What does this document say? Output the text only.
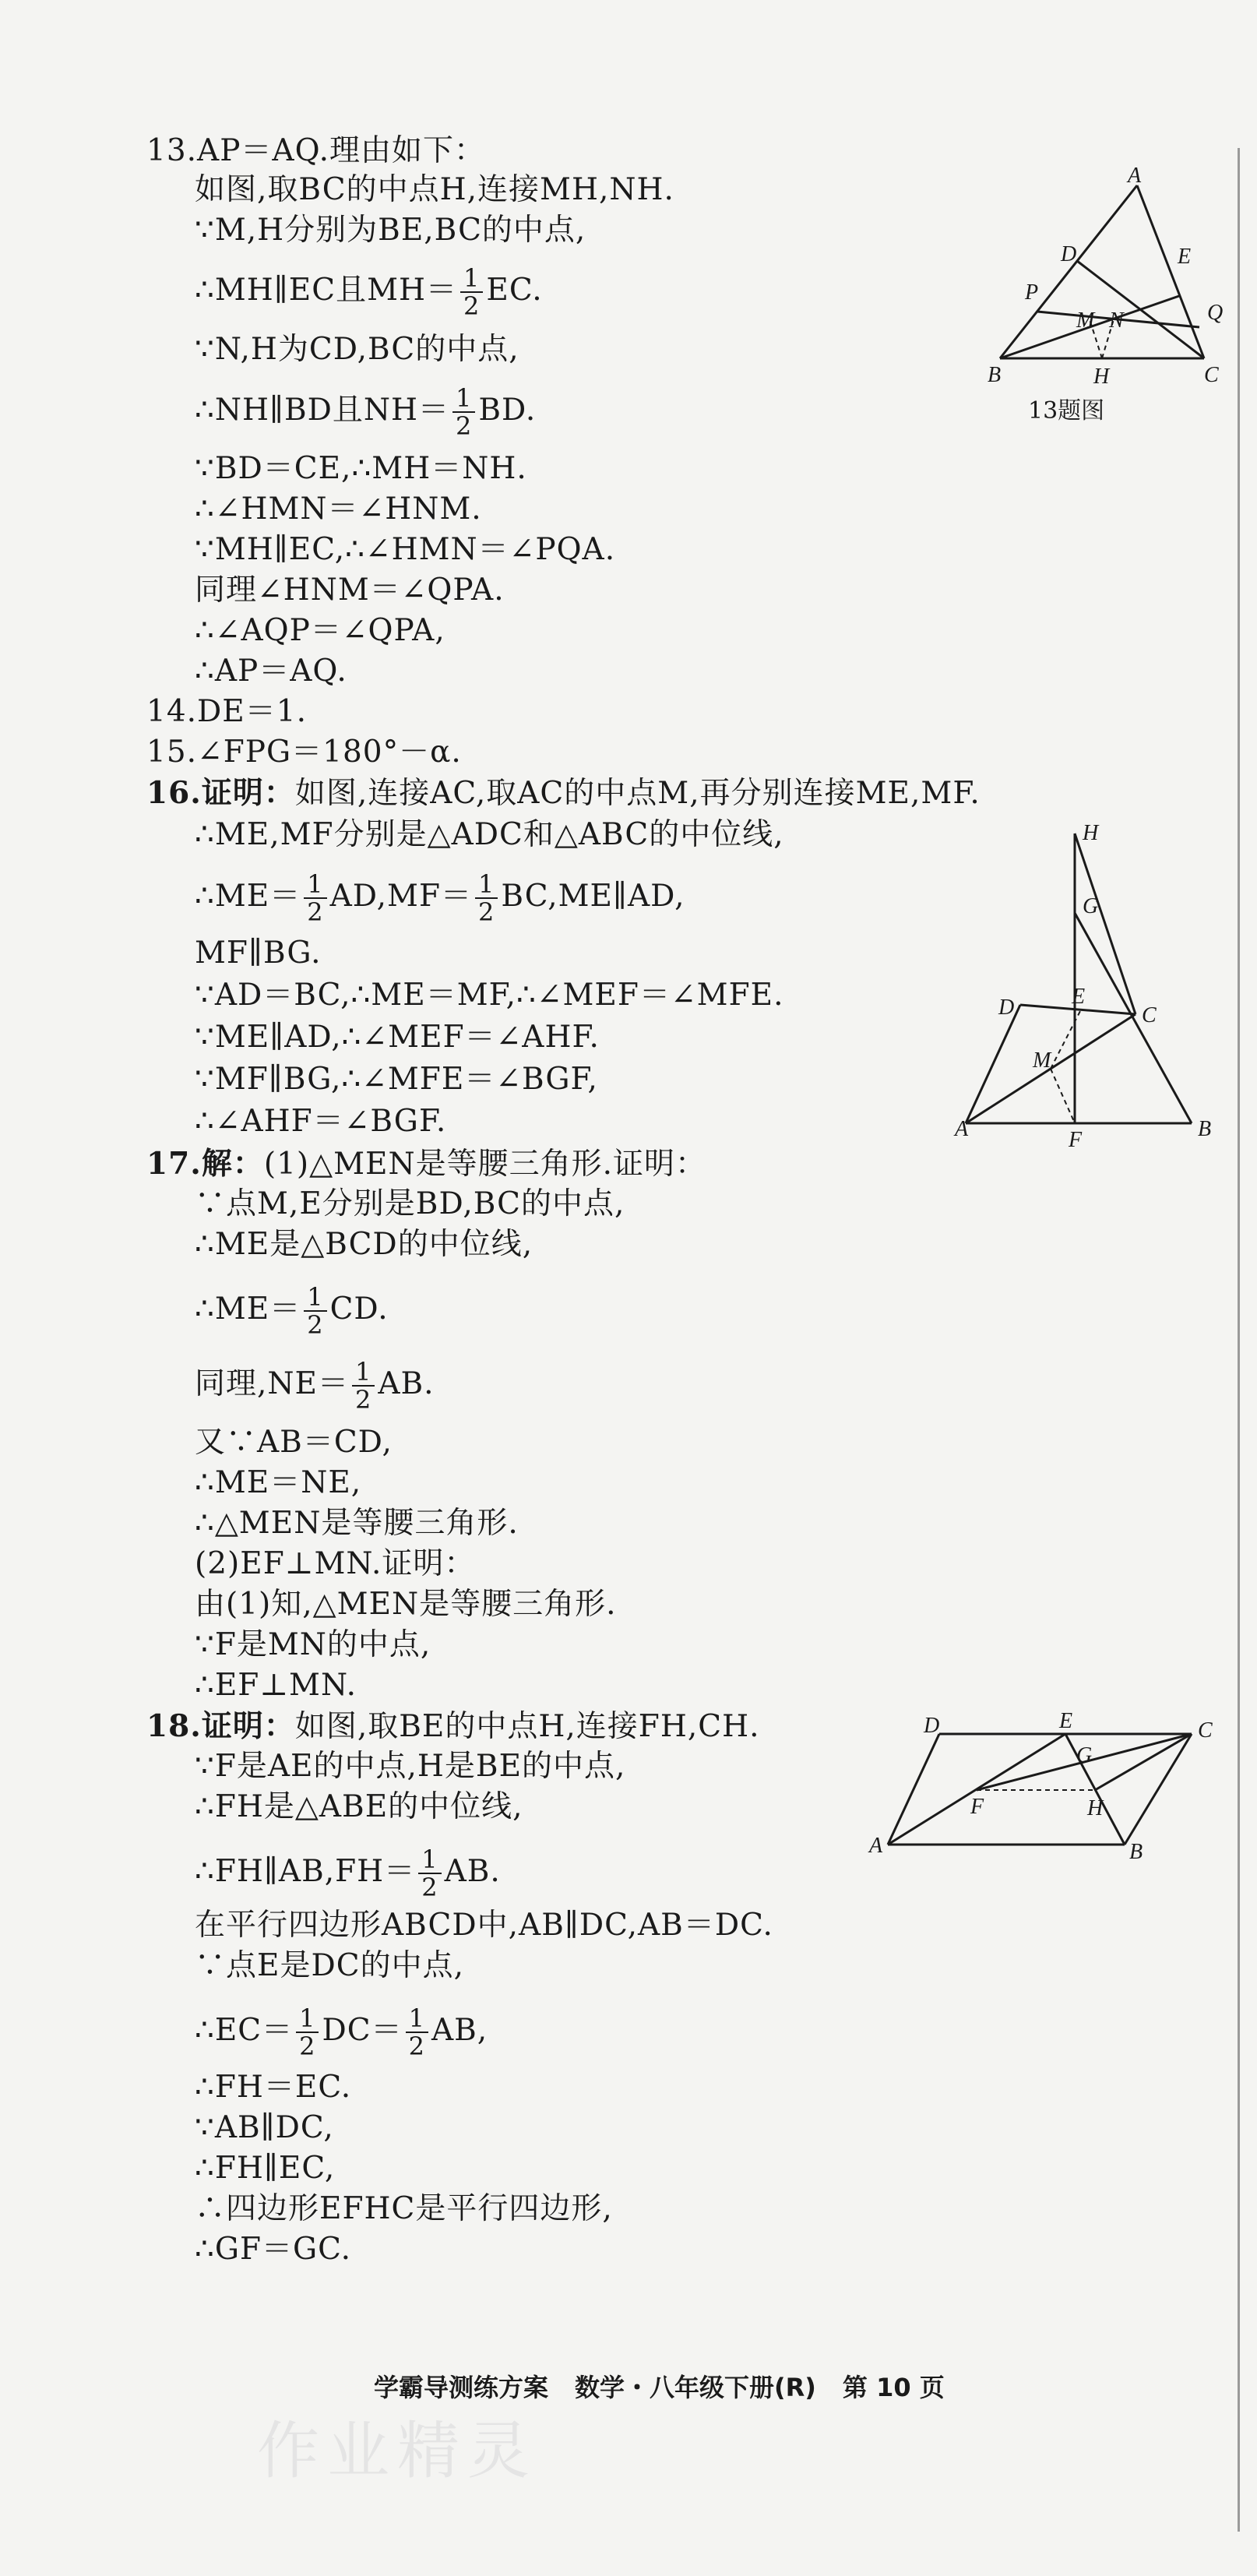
13.AP＝AQ.理由如下：
如图,取BC的中点H,连接MH,NH.
∵M,H分别为BE,BC的中点,
∴MH∥EC且$MH= \frac{1}{2}$ EC.
∵N,H为CD,BC的中点,
∴NH∥BD且$NH= \frac{1}{2}$ BD.
∵BD＝CE,∴MH＝NH.
∴∠HMN＝∠HNM.
∵MH∥EC,∴∠HMN＝∠PQA.
同理∠HNM＝∠QPA.
∴∠AQP＝∠QPA,
∴AP＝AQ.
A
D	E
P
M N	Q
B	H	C
13题图
14.DE＝1.
15.∠FPG＝180°－α.
16.证明：如图,连接AC,取AC的中点M,再分别连接ME,MF.
∴ME,MF分别是△ADC和△ABC的中位线,
∴ME＝ $\frac{1}{2} AD,MF= \frac{1}{2}$ BC,ME∥AD,
MF∥BG.
∵AD＝BC,∴ME＝MF,∴∠MEF＝∠MFE.
∵ME∥AD,∴∠MEF＝∠AHF.
∵MF∥BG,∴∠MFE＝∠BGF,
∴∠AHF＝∠BGF.
H
G
D	E
C
M
A	F	B
17.解：(1)△MEN是等腰三角形.证明：
∵点M,E分别是BD,BC的中点,
∴ME是△BCD的中位线,
∴ME＝ $\frac{1}{2}$ CD.
同理$,NE= \frac{1}{2}$ AB.
又∵AB＝CD,
∴ME＝NE,
∴△MEN是等腰三角形.
(2)EF⊥MN.证明：
由(1)知,△MEN是等腰三角形.
∵F是MN的中点,
∴EF⊥MN.
18.证明：如图,取BE的中点H,连接FH,CH.
∵F是AE的中点,H是BE的中点,
∴FH是△ABE的中位线,
∴FH∥AB,FH＝ $\frac{1}{2}$ AB.
在平行四边形ABCD中,AB∥DC,AB＝DC.
∵点E是DC的中点,
∴EC＝ $\frac{1}{2} DC= \frac{1}{2}$ AB,
∴FH＝EC.
∵AB∥DC,
∴FH∥EC,
∴四边形EFHC是平行四边形,
∴GF＝GC.
D	E	C
G
F	H
A	B
学霸导测练方案 数学・八年级下册(R) 第 10 页
作业精灵
